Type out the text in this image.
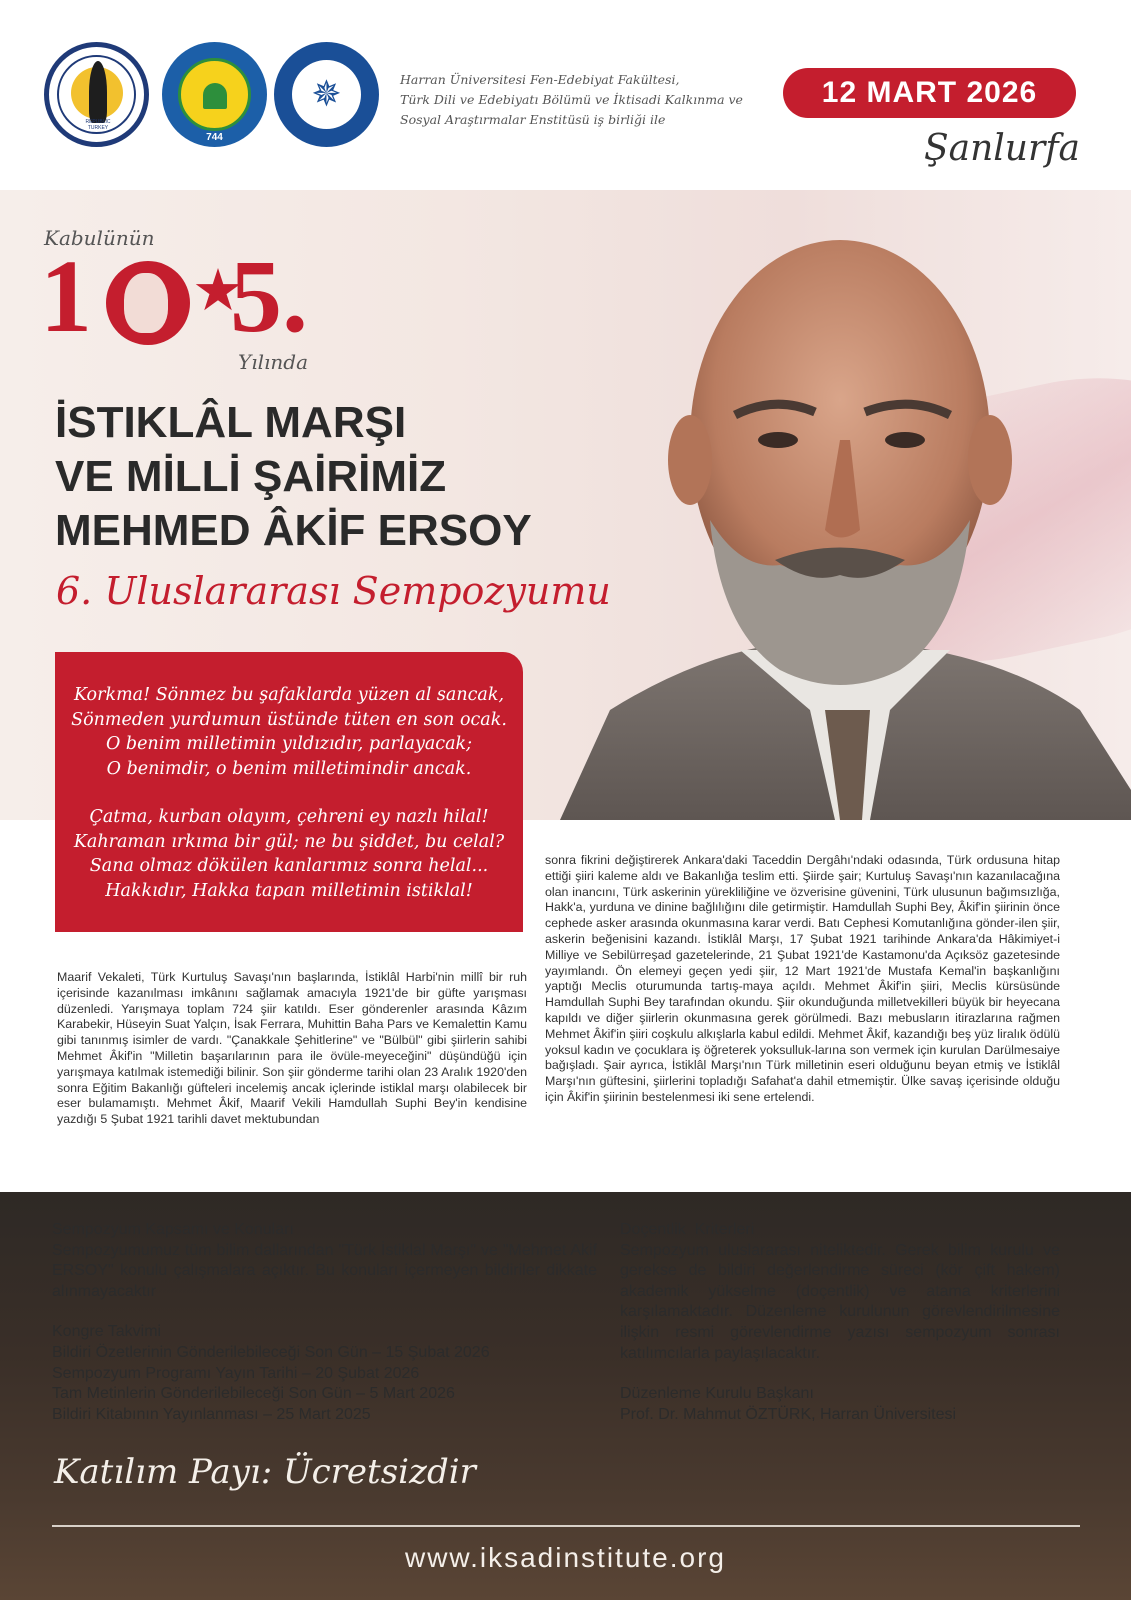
REPUBLIC TURKEY
744
✵	Harran Üniversitesi Fen-Edebiyat Fakültesi,
Türk Dili ve Edebiyatı Bölümü ve İktisadi Kalkınma ve
Sosyal Araştırmalar Enstitüsü iş birliği ile
12 MART 2026
Şanlurfa
Kabulünün
1 ★
5.
Yılında
İSTIKLÂL MARŞI
VE MİLLİ ŞAİRİMİZ
MEHMED ÂKİF ERSOY
6. Uluslararası Sempozyumu
Korkma! Sönmez bu şafaklarda yüzen al sancak,
Sönmeden yurdumun üstünde tüten en son ocak.
O benim milletimin yıldızıdır, parlayacak;
O benimdir, o benim milletimindir ancak.
Çatma, kurban olayım, çehreni ey nazlı hilal!
Kahraman ırkıma bir gül; ne bu şiddet, bu celal?
Sana olmaz dökülen kanlarımız sonra helal...
Hakkıdır, Hakka tapan milletimin istiklal!
Maarif Vekaleti, Türk Kurtuluş Savaşı'nın başlarında, İstiklâl Harbi'nin millî bir ruh içerisinde kazanılması imkânını sağlamak amacıyla 1921'de bir güfte yarışması düzenledi. Yarışmaya toplam 724 şiir katıldı. Eser gönderenler arasında Kâzım Karabekir, Hüseyin Suat Yalçın, İsak Ferrara, Muhittin Baha Pars ve Kemalettin Kamu gibi tanınmış isimler de vardı. "Çanakkale Şehitlerine" ve "Bülbül" gibi şiirlerin sahibi Mehmet Âkif'in "Milletin başarılarının para ile övüle-meyeceğini" düşündüğü için yarışmaya katılmak istemediği bilinir. Son şiir gönderme tarihi olan 23 Aralık 1920'den sonra Eğitim Bakanlığı güfteleri incelemiş ancak içlerinde istiklal marşı olabilecek bir eser bulamamıştı. Mehmet Âkif, Maarif Vekili Hamdullah Suphi Bey'in kendisine yazdığı 5 Şubat 1921 tarihli davet mektubundan
sonra fikrini değiştirerek Ankara'daki Taceddin Dergâhı'ndaki odasında, Türk ordusuna hitap ettiği şiiri kaleme aldı ve Bakanlığa teslim etti. Şiirde şair; Kurtuluş Savaşı'nın kazanılacağına olan inancını, Türk askerinin yürekliliğine ve özverisine güvenini, Türk ulusunun bağımsızlığa, Hakk'a, yurduna ve dinine bağlılığını dile getirmiştir. Hamdullah Suphi Bey, Âkif'in şiirinin önce cephede asker arasında okunmasına karar verdi. Batı Cephesi Komutanlığına gönder-ilen şiir, askerin beğenisini kazandı. İstiklâl Marşı, 17 Şubat 1921 tarihinde Ankara'da Hâkimiyet-i Milliye ve Sebilürreşad gazetelerinde, 21 Şubat 1921'de Kastamonu'da Açıksöz gazetesinde yayımlandı. Ön elemeyi geçen yedi şiir, 12 Mart 1921'de Mustafa Kemal'in başkanlığını yaptığı Meclis oturumunda tartış-maya açıldı. Mehmet Âkif'in şiiri, Meclis kürsüsünde Hamdullah Suphi Bey tarafından okundu. Şiir okunduğunda milletvekilleri büyük bir heyecana kapıldı ve diğer şiirlerin okunmasına gerek görülmedi. Bazı mebusların itirazlarına rağmen Mehmet Âkif'in şiiri coşkulu alkışlarla kabul edildi. Mehmet Âkif, kazandığı beş yüz liralık ödülü yoksul kadın ve çocuklara iş öğreterek yoksulluk-larına son vermek için kurulan Darülmesaiye bağışladı. Şair ayrıca, İstiklâl Marşı'nın Türk milletinin eseri olduğunu beyan etmiş ve İstiklâl Marşı'nın güftesini, şiirlerini topladığı Safahat'a dahil etmemiştir. Ülke savaş içerisinde olduğu için Âkif'in şiirinin bestelenmesi iki sene ertelendi.

Sempozyum Kapsamı ve Konuları

Sempozyumumuz tüm bilim dallarından "Türk İstiklal Marşı" ve "Mehmet Akif ERSOY" konulu çalışmalara açıktır. Bu konuları içermeyen bildiriler dikkate alınmayacaktır

Kongre Takvimi

Bildiri Özetlerinin Gönderilebileceği Son Gün – 15 Şubat 2026

Sempozyum Programı Yayın Tarihi – 20 Şubat 2026

Tam Metinlerin Gönderilebileceği Son Gün – 5 Mart 2026

Bildiri Kitabının Yayınlanması – 25 Mart 2025

Doçentlik  Kriterleri

Sempozyum uluslararası niteliktedir. Gerek bilim kurulu ve gerekse de bildiri değerlendirme süreci (kör çift hakem) akademik yükselme (doçentlik) ve atama kriterlerini karşılamaktadır. Düzenleme kurulunun görevlendirilmesine ilişkin resmi görevlendirme yazısı sempozyum sonrası katılımcılarla paylaşılacaktır.

Düzenleme Kurulu Başkanı

Prof. Dr. Mahmut ÖZTÜRK, Harran Üniversitesi

Katılım Payı: Ücretsizdir
www.iksadinstitute.org
